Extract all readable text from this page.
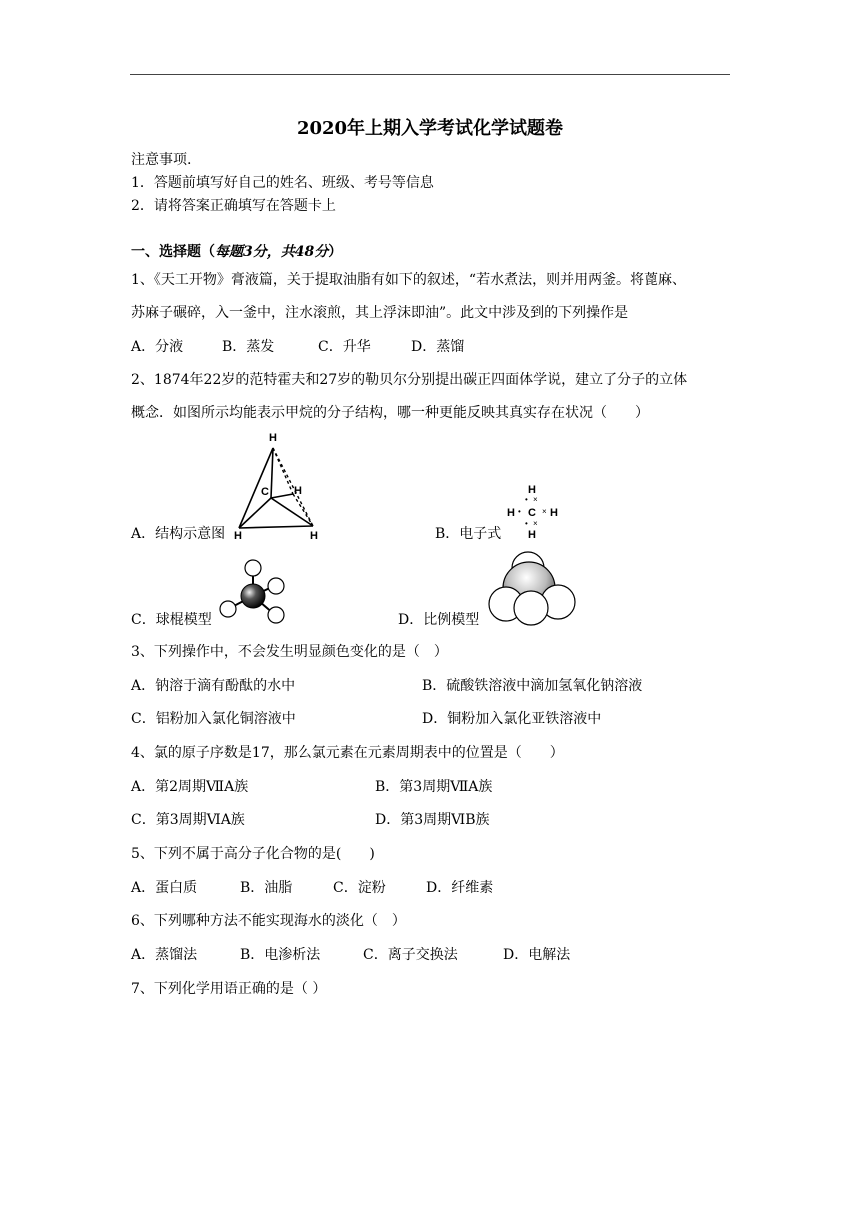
2020年上期入学考试化学试题卷
注意事项.
1．答题前填写好自己的姓名、班级、考号等信息
2．请将答案正确填写在答题卡上
一、选择题（每题3分，共48分）
1、《天工开物》膏液篇，关于提取油脂有如下的叙述，“若水煮法，则并用两釜。将蓖麻、
苏麻子碾碎，入一釜中，注水滚煎，其上浮沫即油”。此文中涉及到的下列操作是
A．分液	B．蒸发	C．升华	D．蒸馏
2、1874年22岁的范特霍夫和27岁的勒贝尔分别提出碳正四面体学说，建立了分子的立体
概念．如图所示均能表示甲烷的分子结构，哪一种更能反映其真实存在状况（　　）
H
C H
H	H
A．结构示意图
H
H C H
H
• ×
•	×
• ×
B．电子式
C．球棍模型	D．比例模型
3、下列操作中，不会发生明显颜色变化的是（　）
A．钠溶于滴有酚酞的水中	B．硫酸铁溶液中滴加氢氧化钠溶液
C．铝粉加入氯化铜溶液中	D．铜粉加入氯化亚铁溶液中
4、氯的原子序数是17，那么氯元素在元素周期表中的位置是（　　）
A．第2周期ⅦA族	B．第3周期ⅦA族
C．第3周期ⅥA族	D．第3周期ⅥB族
5、下列不属于高分子化合物的是(　　)
A．蛋白质	B．油脂	C．淀粉	D．纤维素
6、下列哪种方法不能实现海水的淡化（　）
A．蒸馏法	B．电渗析法	C．离子交换法	D．电解法
7、下列化学用语正确的是（ ）
